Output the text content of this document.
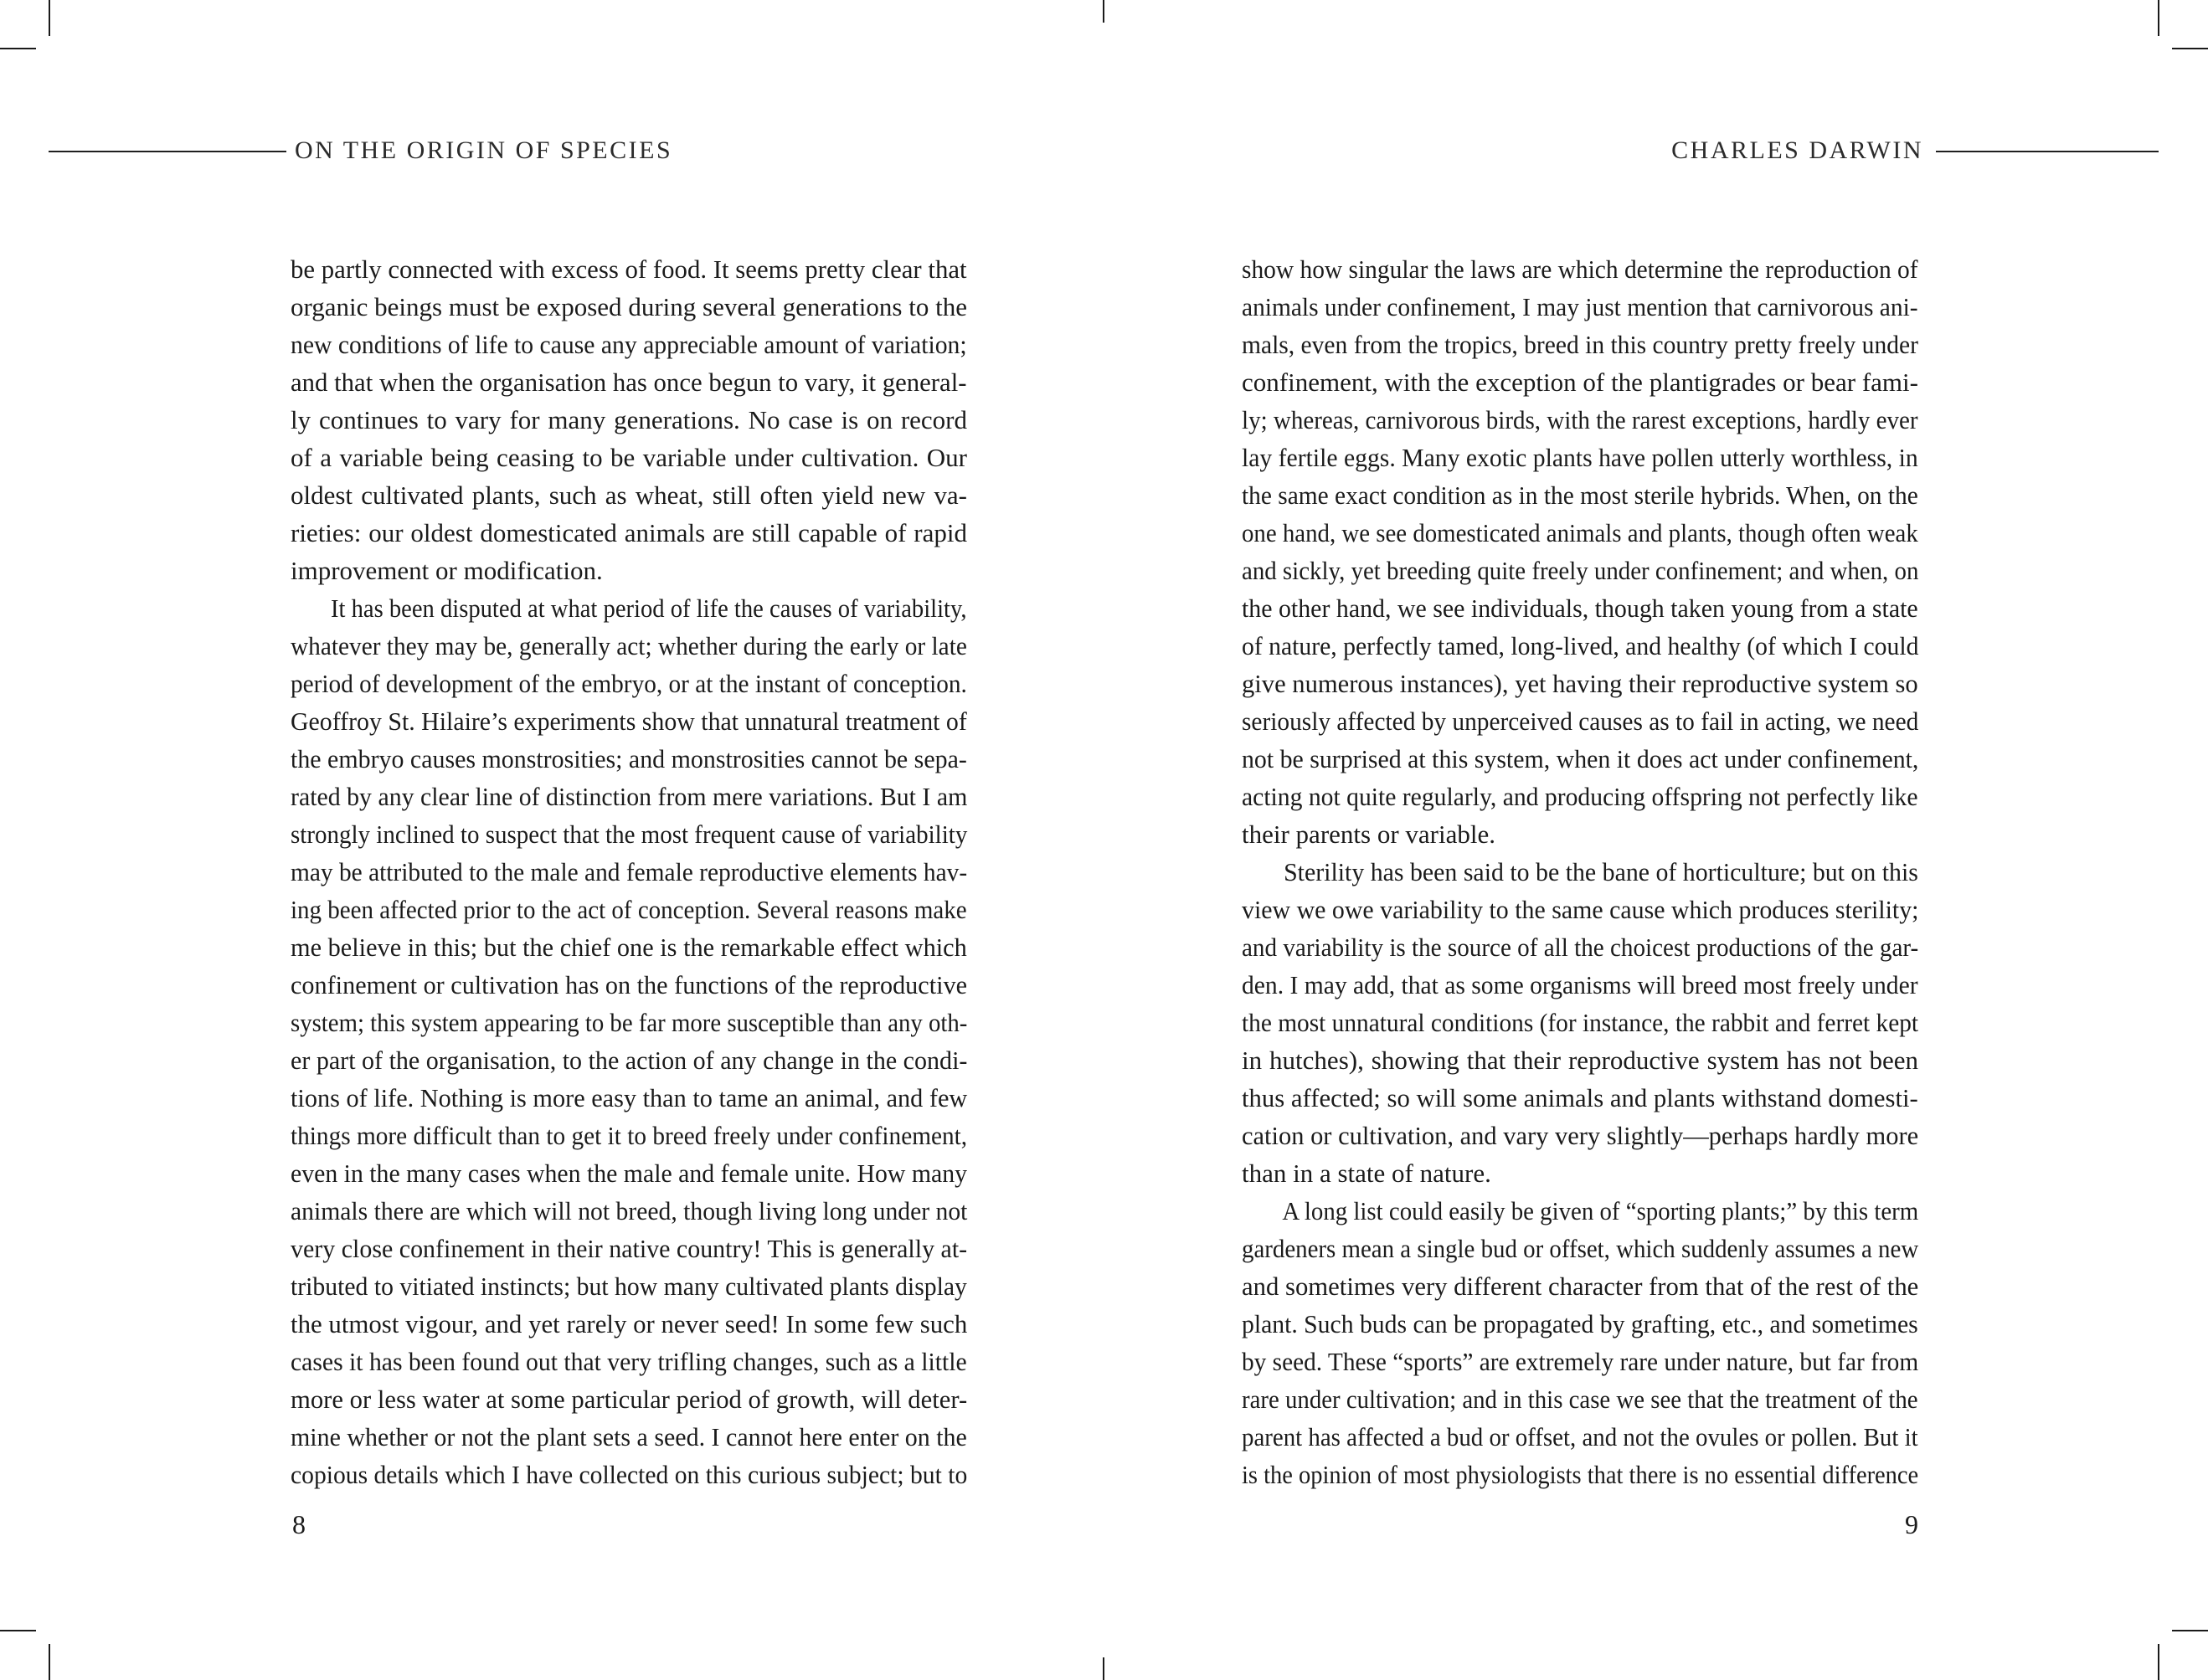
ON THE ORIGIN OF SPECIES	CHARLES DARWIN
be partly connected with excess of food. It seems pretty clear that
organic beings must be exposed during several generations to the
new conditions of life to cause any appreciable amount of variation;
and that when the organisation has once begun to vary, it general-
ly continues to vary for many generations. No case is on record
of a variable being ceasing to be variable under cultivation. Our
oldest cultivated plants, such as wheat, still often yield new va-
rieties: our oldest domesticated animals are still capable of rapid
improvement or modification.
It has been disputed at what period of life the causes of variability,
whatever they may be, generally act; whether during the early or late
period of development of the embryo, or at the instant of conception.
Geoffroy St. Hilaire’s experiments show that unnatural treatment of
the embryo causes monstrosities; and monstrosities cannot be sepa-
rated by any clear line of distinction from mere variations. But I am
strongly inclined to suspect that the most frequent cause of variability
may be attributed to the male and female reproductive elements hav-
ing been affected prior to the act of conception. Several reasons make
me believe in this; but the chief one is the remarkable effect which
confinement or cultivation has on the functions of the reproductive
system; this system appearing to be far more susceptible than any oth-
er part of the organisation, to the action of any change in the condi-
tions of life. Nothing is more easy than to tame an animal, and few
things more difficult than to get it to breed freely under confinement,
even in the many cases when the male and female unite. How many
animals there are which will not breed, though living long under not
very close confinement in their native country! This is generally at-
tributed to vitiated instincts; but how many cultivated plants display
the utmost vigour, and yet rarely or never seed! In some few such
cases it has been found out that very trifling changes, such as a little
more or less water at some particular period of growth, will deter-
mine whether or not the plant sets a seed. I cannot here enter on the
copious details which I have collected on this curious subject; but to
show how singular the laws are which determine the reproduction of
animals under confinement, I may just mention that carnivorous ani-
mals, even from the tropics, breed in this country pretty freely under
confinement, with the exception of the plantigrades or bear fami-
ly; whereas, carnivorous birds, with the rarest exceptions, hardly ever
lay fertile eggs. Many exotic plants have pollen utterly worthless, in
the same exact condition as in the most sterile hybrids. When, on the
one hand, we see domesticated animals and plants, though often weak
and sickly, yet breeding quite freely under confinement; and when, on
the other hand, we see individuals, though taken young from a state
of nature, perfectly tamed, long-lived, and healthy (of which I could
give numerous instances), yet having their reproductive system so
seriously affected by unperceived causes as to fail in acting, we need
not be surprised at this system, when it does act under confinement,
acting not quite regularly, and producing offspring not perfectly like
their parents or variable.
Sterility has been said to be the bane of horticulture; but on this
view we owe variability to the same cause which produces sterility;
and variability is the source of all the choicest productions of the gar-
den. I may add, that as some organisms will breed most freely under
the most unnatural conditions (for instance, the rabbit and ferret kept
in hutches), showing that their reproductive system has not been
thus affected; so will some animals and plants withstand domesti-
cation or cultivation, and vary very slightly—perhaps hardly more
than in a state of nature.
A long list could easily be given of “sporting plants;” by this term
gardeners mean a single bud or offset, which suddenly assumes a new
and sometimes very different character from that of the rest of the
plant. Such buds can be propagated by grafting, etc., and sometimes
by seed. These “sports” are extremely rare under nature, but far from
rare under cultivation; and in this case we see that the treatment of the
parent has affected a bud or offset, and not the ovules or pollen. But it
is the opinion of most physiologists that there is no essential difference
8	9
